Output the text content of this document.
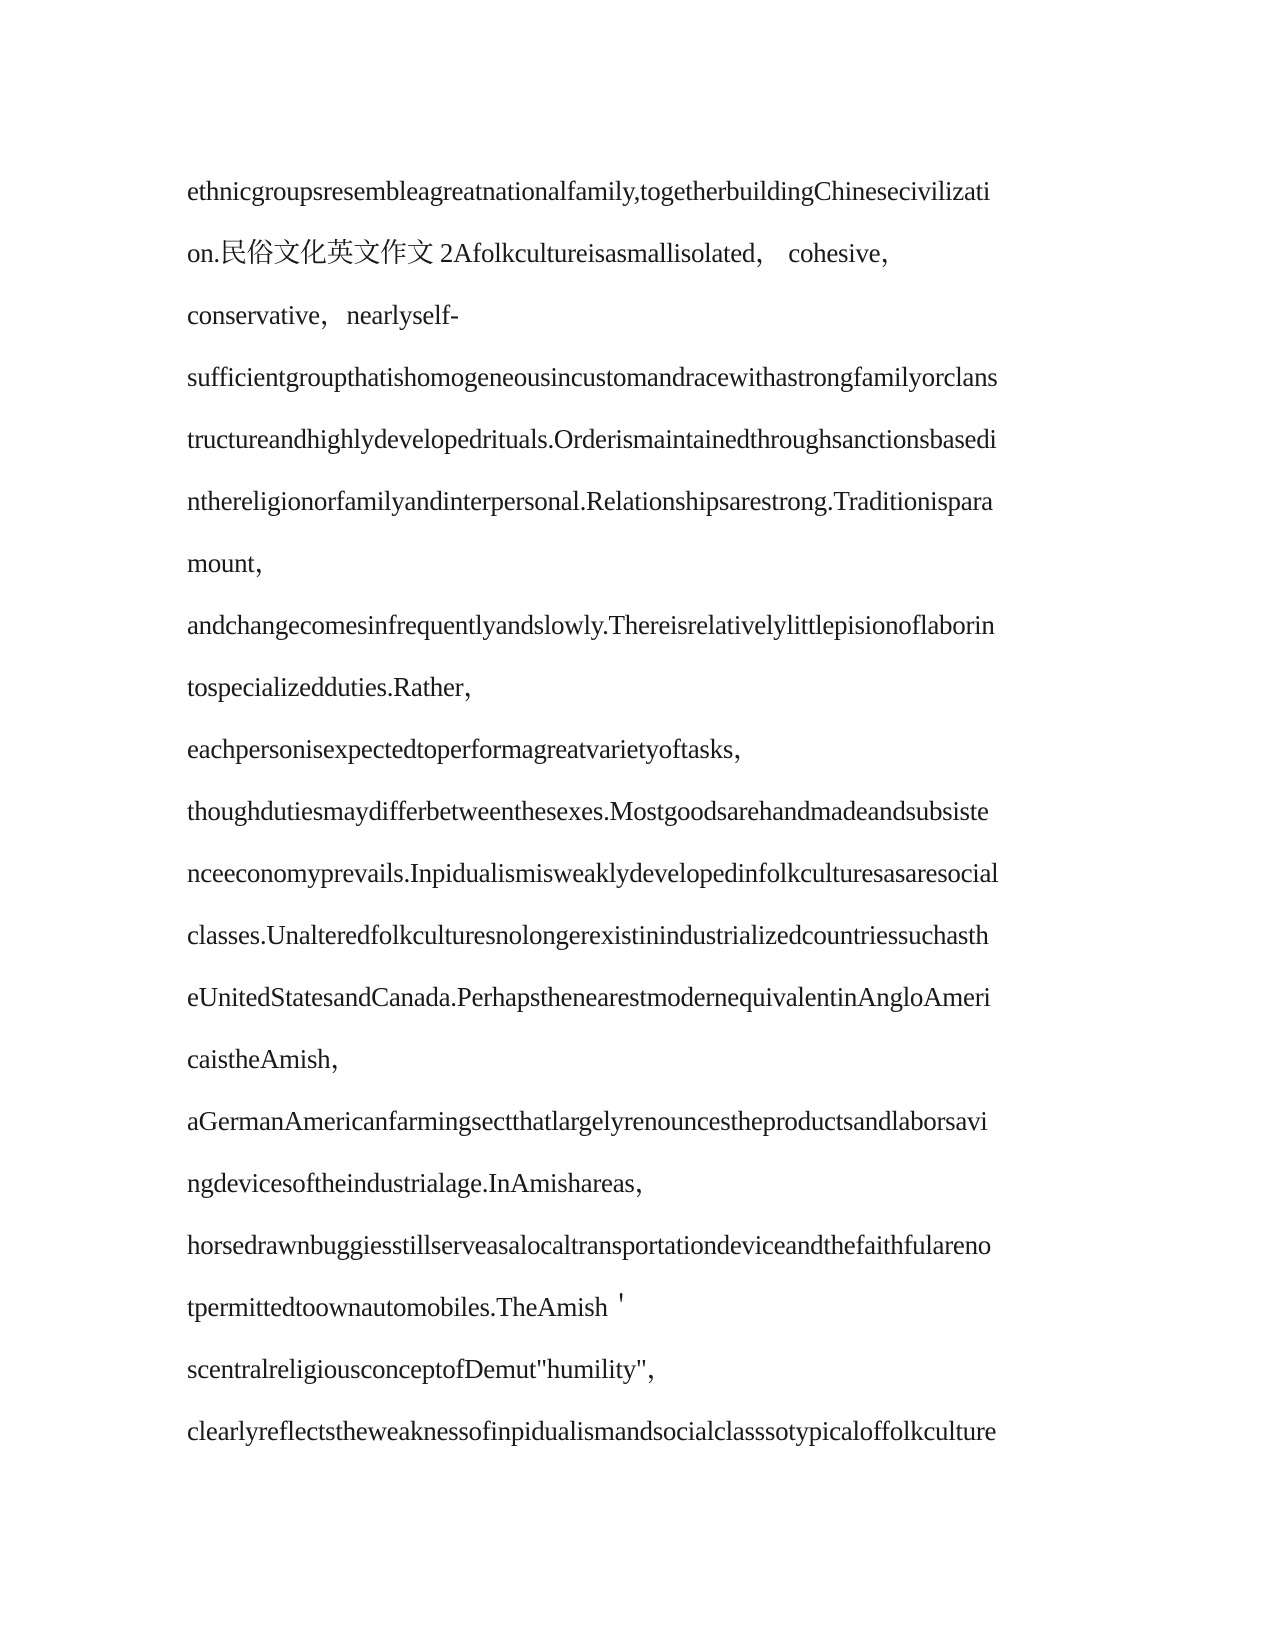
ethnicgroupsresembleagreatnationalfamily,togetherbuildingChinesecivilizati
on.民俗文化英文作文 2Afolkcultureisasmallisolated， cohesive，
conservative，nearlyself-
sufficientgroupthatishomogeneousincustomandracewithastrongfamilyorclans
tructureandhighlydevelopedrituals.Orderismaintainedthroughsanctionsbasedi
nthereligionorfamilyandinterpersonal.Relationshipsarestrong.Traditionispara
mount，
andchangecomesinfrequentlyandslowly.Thereisrelativelylittlepisionoflaborin
tospecializedduties.Rather，
eachpersonisexpectedtoperformagreatvarietyoftasks，
thoughdutiesmaydifferbetweenthesexes.Mostgoodsarehandmadeandsubsiste
nceeconomyprevails.Inpidualismisweaklydevelopedinfolkculturesasaresocial
classes.Unalteredfolkculturesnolongerexistinindustrializedcountriessuchasth
eUnitedStatesandCanada.PerhapsthenearestmodernequivalentinAngloAmeri
caistheAmish，
aGermanAmericanfarmingsectthatlargelyrenouncestheproductsandlaborsavi
ngdevicesoftheindustrialage.InAmishareas，
horsedrawnbuggiesstillserveasalocaltransportationdeviceandthefaithfulareno
tpermittedtoownautomobiles.TheAmish＇
scentralreligiousconceptofDemut"humility"，
clearlyreflectstheweaknessofinpidualismandsocialclasssotypicaloffolkculture
